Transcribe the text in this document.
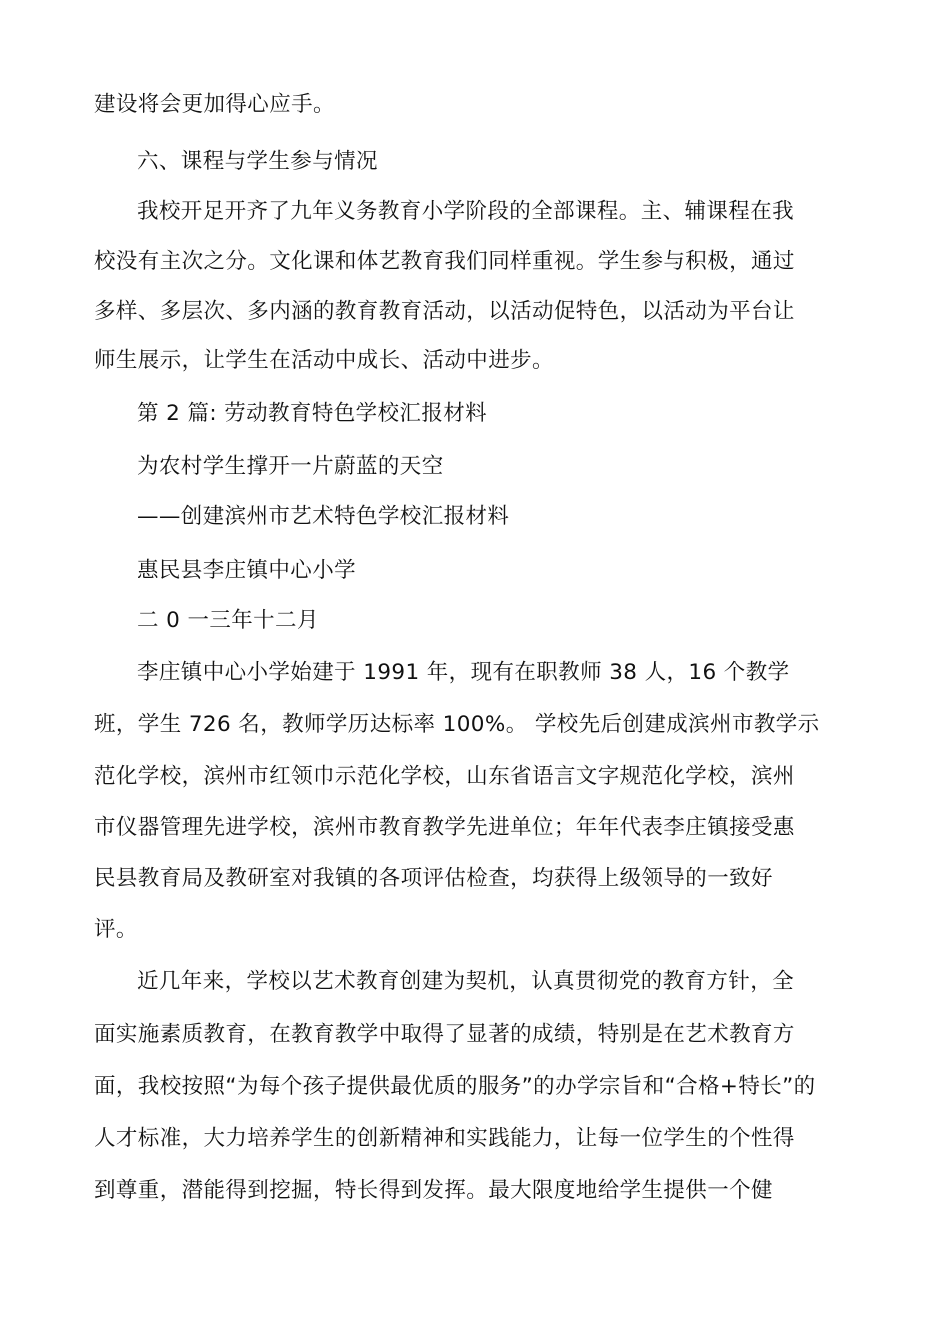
建设将会更加得心应手。
六、课程与学生参与情况
我校开足开齐了九年义务教育小学阶段的全部课程。主、辅课程在我
校没有主次之分。文化课和体艺教育我们同样重视。学生参与积极，通过
多样、多层次、多内涵的教育教育活动，以活动促特色，以活动为平台让
师生展示，让学生在活动中成长、活动中进步。
第 2 篇: 劳动教育特色学校汇报材料
为农村学生撑开一片蔚蓝的天空
——创建滨州市艺术特色学校汇报材料
惠民县李庄镇中心小学
二 0 一三年十二月
李庄镇中心小学始建于 1991 年，现有在职教师 38 人，16 个教学
班，学生 726 名，教师学历达标率 100%。 学校先后创建成滨州市教学示
范化学校，滨州市红领巾示范化学校，山东省语言文字规范化学校，滨州
市仪器管理先进学校，滨州市教育教学先进单位；年年代表李庄镇接受惠
民县教育局及教研室对我镇的各项评估检查，均获得上级领导的一致好
评。
近几年来，学校以艺术教育创建为契机，认真贯彻党的教育方针，全
面实施素质教育，在教育教学中取得了显著的成绩，特别是在艺术教育方
面，我校按照“为每个孩子提供最优质的服务”的办学宗旨和“合格+特长”的
人才标准，大力培养学生的创新精神和实践能力，让每一位学生的个性得
到尊重，潜能得到挖掘，特长得到发挥。最大限度地给学生提供一个健
